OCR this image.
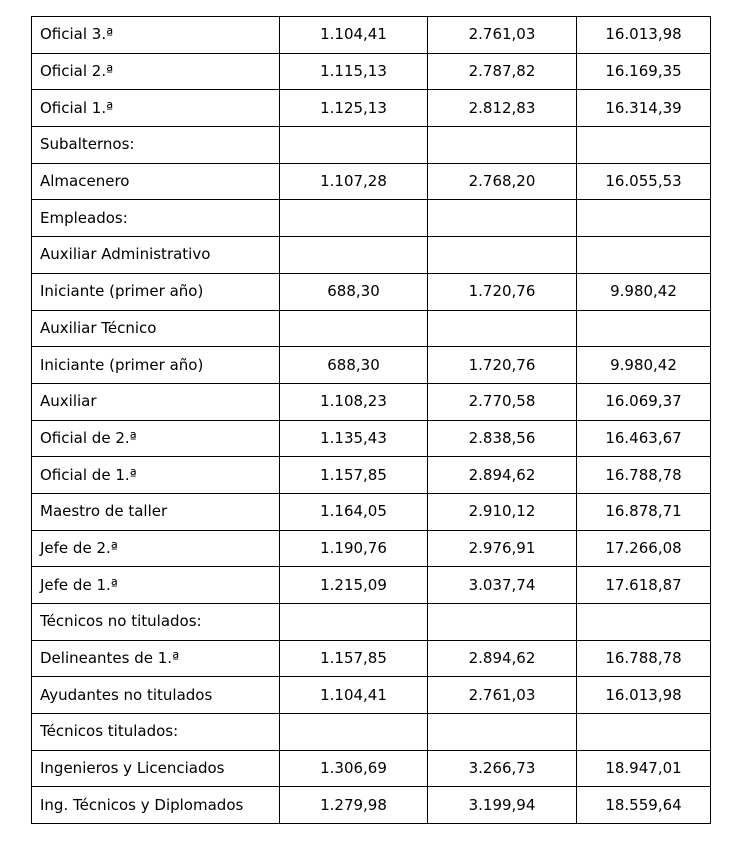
Oficial 3.ª	1.104,41	2.761,03	16.013,98
Oficial 2.ª	1.115,13	2.787,82	16.169,35
Oficial 1.ª	1.125,13	2.812,83	16.314,39
Subalternos:			
Almacenero	1.107,28	2.768,20	16.055,53
Empleados:			
Auxiliar Administrativo			
Iniciante (primer año)	688,30	1.720,76	9.980,42
Auxiliar Técnico			
Iniciante (primer año)	688,30	1.720,76	9.980,42
Auxiliar	1.108,23	2.770,58	16.069,37
Oficial de 2.ª	1.135,43	2.838,56	16.463,67
Oficial de 1.ª	1.157,85	2.894,62	16.788,78
Maestro de taller	1.164,05	2.910,12	16.878,71
Jefe de 2.ª	1.190,76	2.976,91	17.266,08
Jefe de 1.ª	1.215,09	3.037,74	17.618,87
Técnicos no titulados:			
Delineantes de 1.ª	1.157,85	2.894,62	16.788,78
Ayudantes no titulados	1.104,41	2.761,03	16.013,98
Técnicos titulados:			
Ingenieros y Licenciados	1.306,69	3.266,73	18.947,01
Ing. Técnicos y Diplomados	1.279,98	3.199,94	18.559,64
